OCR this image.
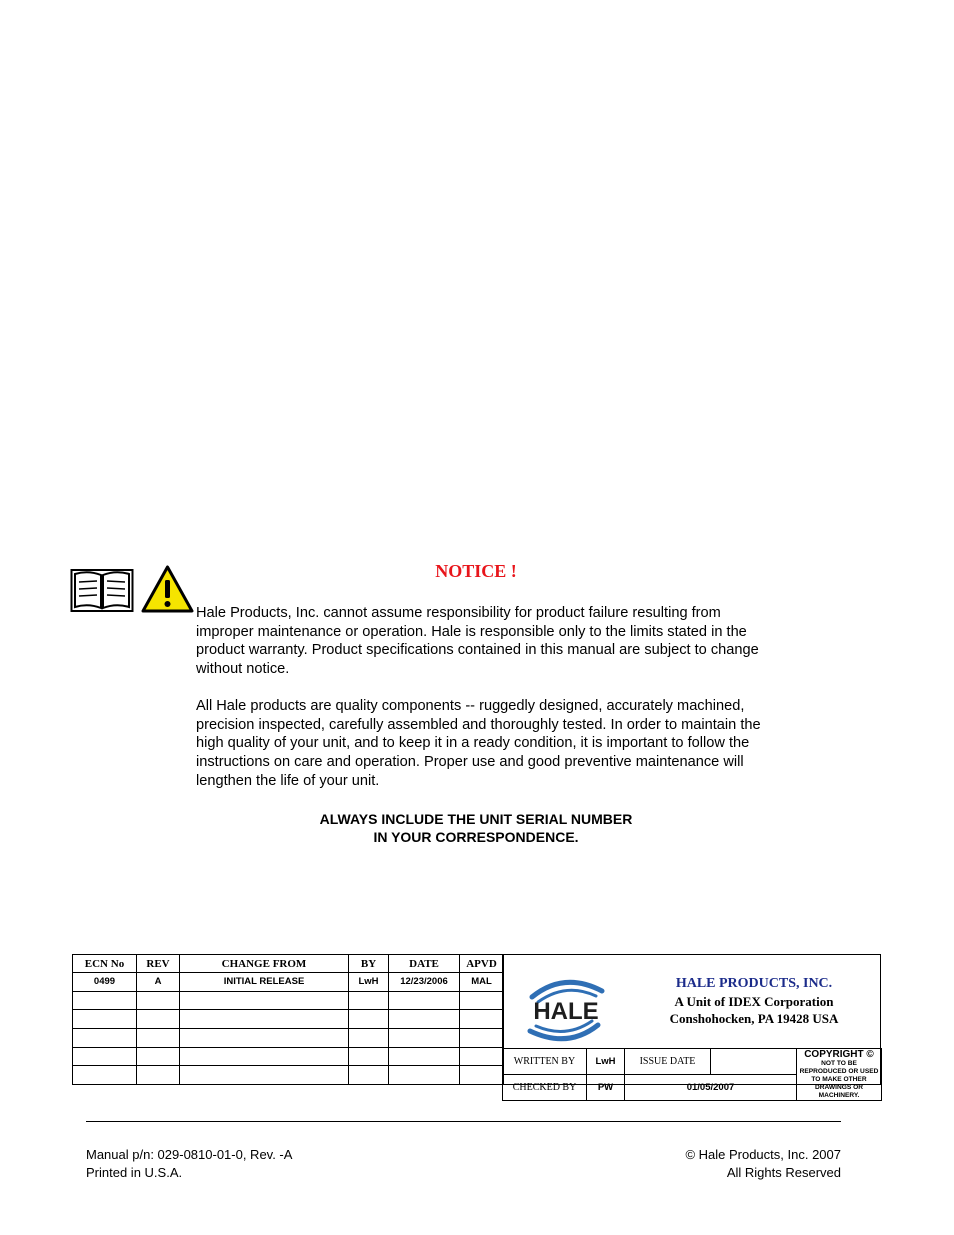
NOTICE !

Hale Products, Inc. cannot assume responsibility for product failure resulting from improper maintenance or operation. Hale is responsible only to the limits stated in the product warranty. Product specifications contained in this manual are subject to change without notice.

All Hale products are quality components -- ruggedly designed, accurately machined, precision inspected, carefully assembled and thoroughly tested. In order to maintain the high quality of your unit, and to keep it in a ready condition, it is important to follow the instructions on care and operation. Proper use and good preventive maintenance will lengthen the life of your unit.

ALWAYS INCLUDE THE UNIT SERIAL NUMBER
IN YOUR CORRESPONDENCE.
ECN No	REV	CHANGE FROM	BY	DATE	APVD
0499	A	INITIAL RELEASE	LwH	12/23/2006	MAL

HALE
HALE PRODUCTS, INC.
A Unit of IDEX Corporation
Conshohocken, PA 19428 USA
WRITTEN BY	LwH	ISSUE DATE		COPYRIGHT ©
NOT TO BE REPRODUCED OR USED TO MAKE OTHER DRAWINGS OR MACHINERY.

CHECKED BY	PW	01/05/2007		
Manual p/n: 029-0810-01-0, Rev. -A
Printed in U.S.A.
© Hale Products, Inc. 2007
All Rights Reserved
